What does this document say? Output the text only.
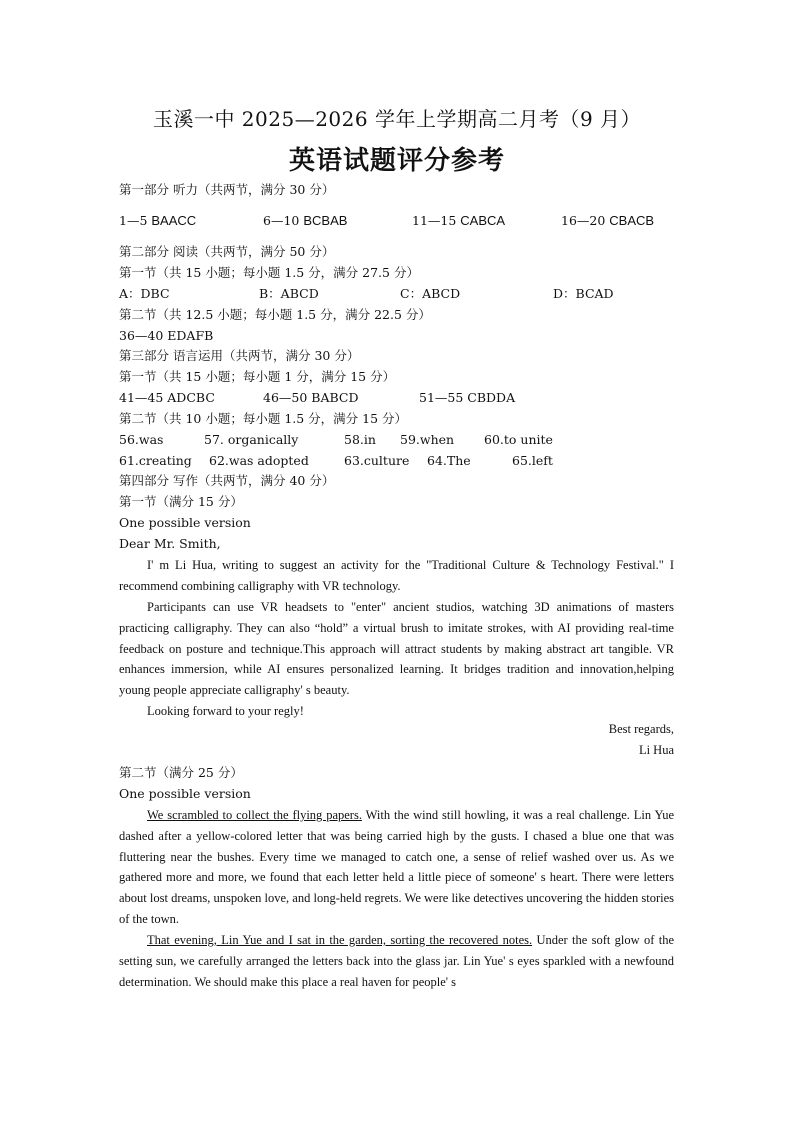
玉溪一中 2025—2026 学年上学期高二月考（9 月）
英语试题评分参考
第一部分 听力（共两节，满分 30 分）
1—5 BAACC	6—10 BCBAB	11—15 CABCA	16—20 CBACB
第二部分 阅读（共两节，满分 50 分）
第一节（共 15 小题；每小题 1.5 分，满分 27.5 分）
A：DBC	B：ABCD	C：ABCD	D：BCAD
第二节（共 12.5 小题；每小题 1.5 分，满分 22.5 分）
36—40 EDAFB
第三部分 语言运用（共两节，满分 30 分）
第一节（共 15 小题；每小题 1 分，满分 15 分）
41—45 ADCBC	46—50 BABCD	51—55 CBDDA
第二节（共 10 小题；每小题 1.5 分，满分 15 分）
56.was	57. organically	58.in 59.when 60.to unite
61.creating 62.was adopted	63.culture 64.The	65.left
第四部分 写作（共两节，满分 40 分）
第一节（满分 15 分）
One possible version
Dear Mr. Smith,
I' m Li Hua, writing to suggest an activity for the "Traditional Culture & Technology Festival." I recommend combining calligraphy with VR technology.
Participants can use VR headsets to "enter" ancient studios, watching 3D animations of masters practicing calligraphy. They can also “hold” a virtual brush to imitate strokes, with AI providing real-time feedback on posture and technique.This approach will attract students by making abstract art tangible. VR enhances immersion, while AI ensures personalized learning. It bridges tradition and innovation,helping young people appreciate calligraphy' s beauty.
Looking forward to your regly!
Best regards,
Li Hua
第二节（满分 25 分）
One possible version
We scrambled to collect the flying papers. With the wind still howling, it was a real challenge. Lin Yue dashed after a yellow-colored letter that was being carried high by the gusts. I chased a blue one that was fluttering near the bushes. Every time we managed to catch one, a sense of relief washed over us. As we gathered more and more, we found that each letter held a little piece of someone' s heart. There were letters about lost dreams, unspoken love, and long-held regrets. We were like detectives uncovering the hidden stories of the town.
That evening, Lin Yue and I sat in the garden, sorting the recovered notes. Under the soft glow of the setting sun, we carefully arranged the letters back into the glass jar. Lin Yue' s eyes sparkled with a newfound determination. We should make this place a real haven for people' s
